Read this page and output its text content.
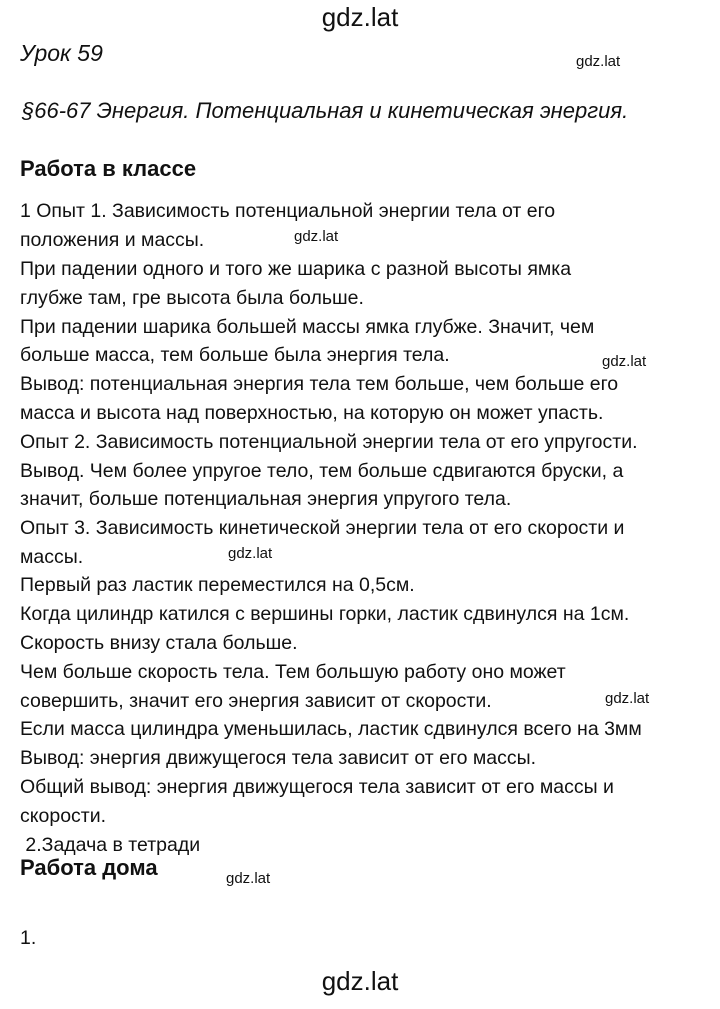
gdz.lat
Урок 59	gdz.lat
§66-67 Энергия. Потенциальная и кинетическая энергия.
Работа в классе
1 Опыт 1. Зависимость потенциальной энергии тела от его
положения и массы.	gdz.lat
При падении одного и того же шарика с разной высоты ямка
глубже там, гре высота была больше.
При падении шарика большей массы ямка глубже. Значит, чем
больше масса, тем больше была энергия тела.	gdz.lat
Вывод: потенциальная энергия тела тем больше, чем больше его
масса и высота над поверхностью, на которую он может упасть.
Опыт 2. Зависимость потенциальной энергии тела от его упругости.
Вывод. Чем более упругое тело, тем больше сдвигаются бруски, а
значит, больше потенциальная энергия упругого тела.
Опыт 3. Зависимость кинетической энергии тела от его скорости и
массы.	gdz.lat
Первый раз ластик переместился на 0,5см.
Когда цилиндр катился с вершины горки, ластик сдвинулся на 1см.
Скорость внизу стала больше.
Чем больше скорость тела. Тем большую работу оно может
совершить, значит его энергия зависит от скорости.	gdz.lat
Если масса цилиндра уменьшилась, ластик сдвинулся всего на 3мм
Вывод: энергия движущегося тела зависит от его массы.
Общий вывод: энергия движущегося тела зависит от его массы и
скорости.
2.Задача в тетради
gdz.lat
Работа дома
1.
gdz.lat
